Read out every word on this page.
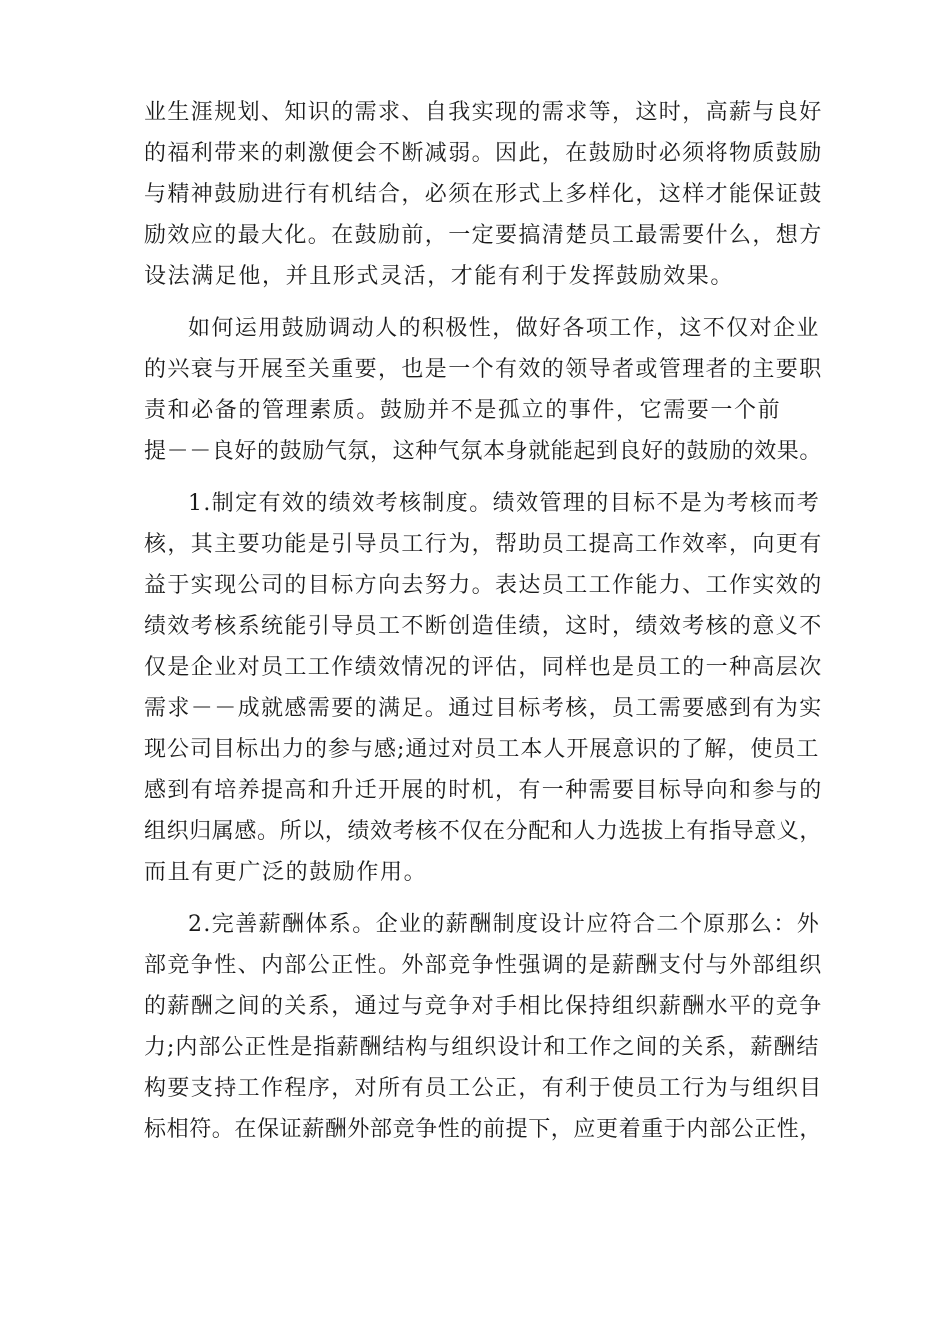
业生涯规划、知识的需求、自我实现的需求等，这时，高薪与良好
的福利带来的刺激便会不断减弱。因此，在鼓励时必须将物质鼓励
与精神鼓励进行有机结合，必须在形式上多样化，这样才能保证鼓
励效应的最大化。在鼓励前，一定要搞清楚员工最需要什么，想方
设法满足他，并且形式灵活，才能有利于发挥鼓励效果。
如何运用鼓励调动人的积极性，做好各项工作，这不仅对企业
的兴衰与开展至关重要，也是一个有效的领导者或管理者的主要职
责和必备的管理素质。鼓励并不是孤立的事件，它需要一个前
提－－良好的鼓励气氛，这种气氛本身就能起到良好的鼓励的效果。
1.制定有效的绩效考核制度。绩效管理的目标不是为考核而考
核，其主要功能是引导员工行为，帮助员工提高工作效率，向更有
益于实现公司的目标方向去努力。表达员工工作能力、工作实效的
绩效考核系统能引导员工不断创造佳绩，这时，绩效考核的意义不
仅是企业对员工工作绩效情况的评估，同样也是员工的一种高层次
需求－－成就感需要的满足。通过目标考核，员工需要感到有为实
现公司目标出力的参与感;通过对员工本人开展意识的了解，使员工
感到有培养提高和升迁开展的时机，有一种需要目标导向和参与的
组织归属感。所以，绩效考核不仅在分配和人力选拔上有指导意义，
而且有更广泛的鼓励作用。
2.完善薪酬体系。企业的薪酬制度设计应符合二个原那么：外
部竞争性、内部公正性。外部竞争性强调的是薪酬支付与外部组织
的薪酬之间的关系，通过与竞争对手相比保持组织薪酬水平的竞争
力;内部公正性是指薪酬结构与组织设计和工作之间的关系，薪酬结
构要支持工作程序，对所有员工公正，有利于使员工行为与组织目
标相符。在保证薪酬外部竞争性的前提下，应更着重于内部公正性，
